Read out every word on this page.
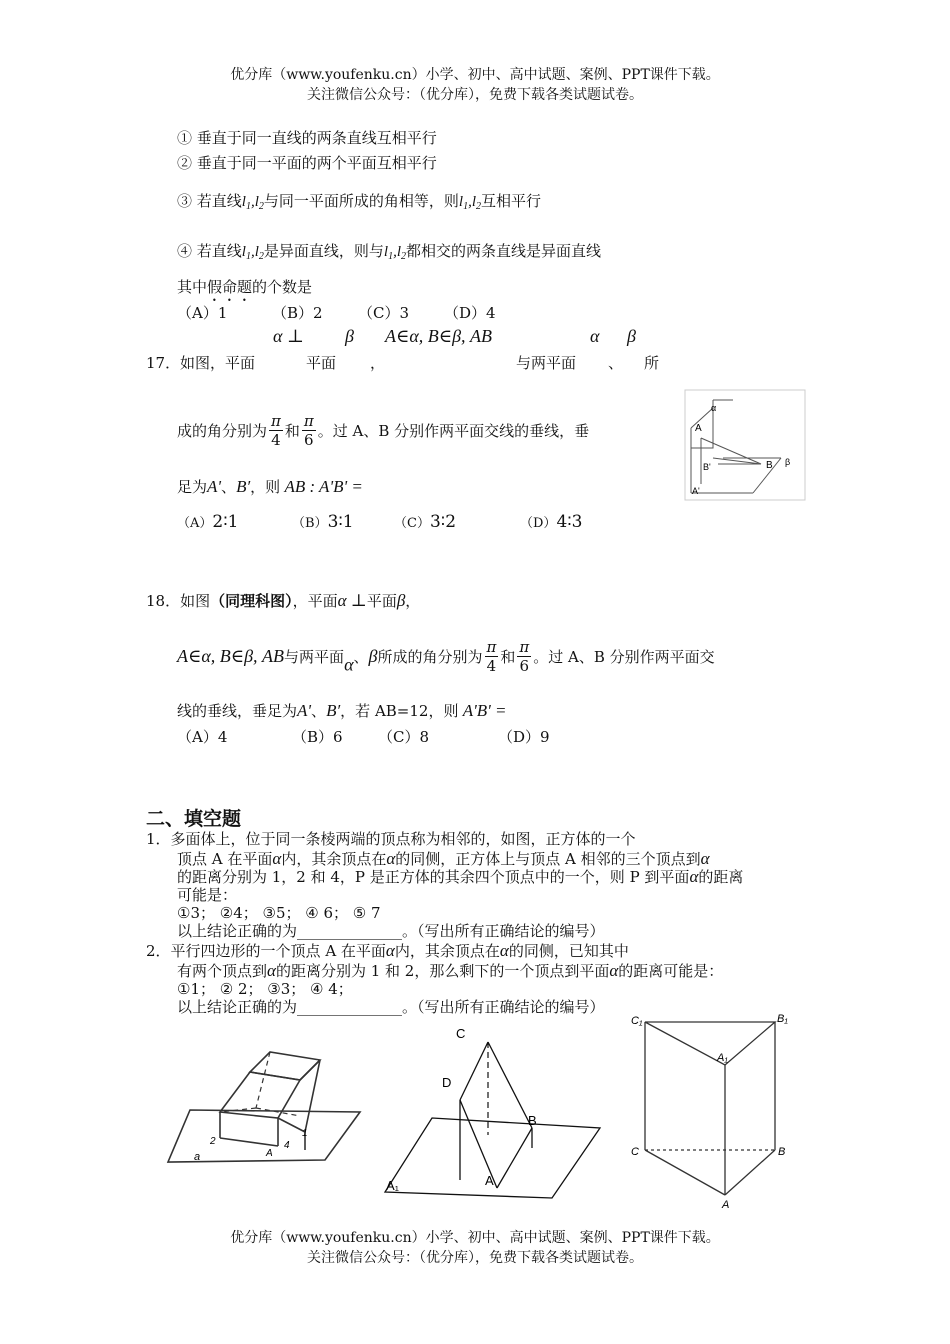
优分库（www.youfenku.cn）小学、初中、高中试题、案例、PPT课件下载。
关注微信公众号：（优分库），免费下载各类试题试卷。
① 垂直于同一直线的两条直线互相平行
② 垂直于同一平面的两个平面互相平行
③ 若直线$l_1,l_2$与同一平面所成的角相等，则$l_1,l_2$互相平行
④ 若直线$l_1,l_2$是异面直线，则与$l_1,l_2$都相交的两条直线是异面直线
其中假命题的个数是
（A）1	（B）2 （C）3 （D）4
α ⊥ β A∈α, B∈β, AB	α β
17． 如图，平面	平面 ，	与两平面 、 所
成的角分别为 $\frac{\pi}{4}$ 和 $\frac{\pi}{6}$ 。过 A、B 分别作两平面交线的垂线，垂
足为A'、B′，则 AB : A'B' =
（A）2∶1	（B）3∶1	（C）3∶2	（D）4∶3
α
A
B'	B β
A'
18．如图（同理科图），平面α ⊥平面β，
A∈α, B∈β, AB与两平面α、β所成的角分别为 $\frac{\pi}{4}$ 和 $\frac{\pi}{6}$ 。过 A、B 分别作两平面交
线的垂线，垂足为A'、B′，若 AB=12，则 A'B' =
（A）4	（B）6 （C）8	（D）9
二、填空题
1．多面体上，位于同一条棱两端的顶点称为相邻的，如图，正方体的一个
顶点 A 在平面α内，其余顶点在α的同侧，正方体上与顶点 A 相邻的三个顶点到α
的距离分别为 1，2 和 4，P 是正方体的其余四个顶点中的一个，则 P 到平面α的距离
可能是：
①3； ②4； ③5； ④ 6； ⑤ 7
以上结论正确的为______________。（写出所有正确结论的编号）
2．平行四边形的一个顶点 A 在平面α内，其余顶点在α的同侧，已知其中
有两个顶点到α的距离分别为 1 和 2，那么剩下的一个顶点到平面α的距离可能是：
①1； ② 2； ③3； ④ 4；
以上结论正确的为______________。（写出所有正确结论的编号）
a
2
A
4
1
C
D
B
A₁	A
C₁	B₁
A₁
C	B
A
优分库（www.youfenku.cn）小学、初中、高中试题、案例、PPT课件下载。
关注微信公众号：（优分库），免费下载各类试题试卷。
